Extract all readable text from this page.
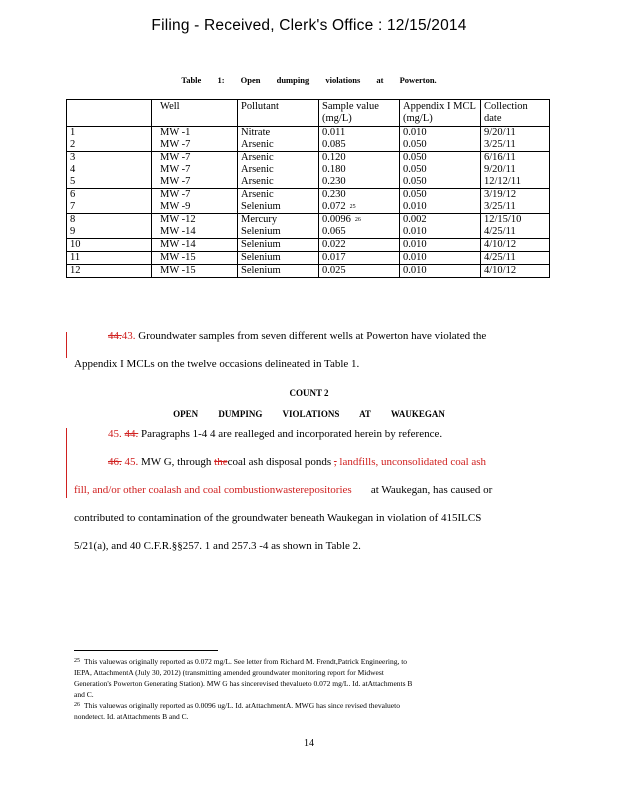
Filing - Received, Clerk's Office : 12/15/2014
Table 1: Open dumping violations at Powerton.
	Well	Pollutant	Sample value (mg/L)	Appendix I MCL (mg/L)	Collection date
1	MW -1	Nitrate	0.011	0.010	9/20/11
2	MW -7	Arsenic	0.085	0.050	3/25/11
3	MW -7	Arsenic	0.120	0.050	6/16/11
4	MW -7	Arsenic	0.180	0.050	9/20/11
5	MW -7	Arsenic	0.230	0.050	12/12/11
6	MW -7	Arsenic	0.230	0.050	3/19/12
7	MW -9	Selenium	0.072 $^{25}$	0.010	3/25/11
8	MW -12	Mercury	0.0096 $^{26}$	0.002	12/15/10
9	MW -14	Selenium	0.065	0.010	4/25/11
10	MW -14	Selenium	0.022	0.010	4/10/12
11	MW -15	Selenium	0.017	0.010	4/25/11
12	MW -15	Selenium	0.025	0.010	4/10/12
44.43. Groundwater samples from seven different wells at Powerton have violated the
Appendix I MCLs on the twelve occasions delineated in Table 1.
COUNT 2
OPEN DUMPING VIOLATIONS AT WAUKEGAN
45. 44. Paragraphs 1-4 4 are realleged and incorporated herein by reference.
46. 45. MW G, through thecoal ash disposal ponds , landfills, unconsolidated coal ash
fill, and/or other coalash and coal combustionwasterepositories at Waukegan, has caused or
contributed to contamination of the groundwater beneath Waukegan in violation of 415ILCS
5/21(a), and 40 C.F.R.§§257. 1 and 257.3 -4 as shown in Table 2.
$^{25}$ This valuewas originally reported as 0.072 mg/L. See letter from Richard M. Frendt,Patrick Engineering, to
IEPA, AttachmentA (July 30, 2012) (transmitting amended groundwater monitoring report for Midwest
Generation's Powerton Generating Station). MW G has sincerevised thevalueto 0.072 mg/L. Id. atAttachments B
and C.
$^{26}$ This valuewas originally reported as 0.0096 ug/L. Id. atAttachmentA. MWG has since revised thevalueto
nondetect. Id. atAttachments B and C.
14
